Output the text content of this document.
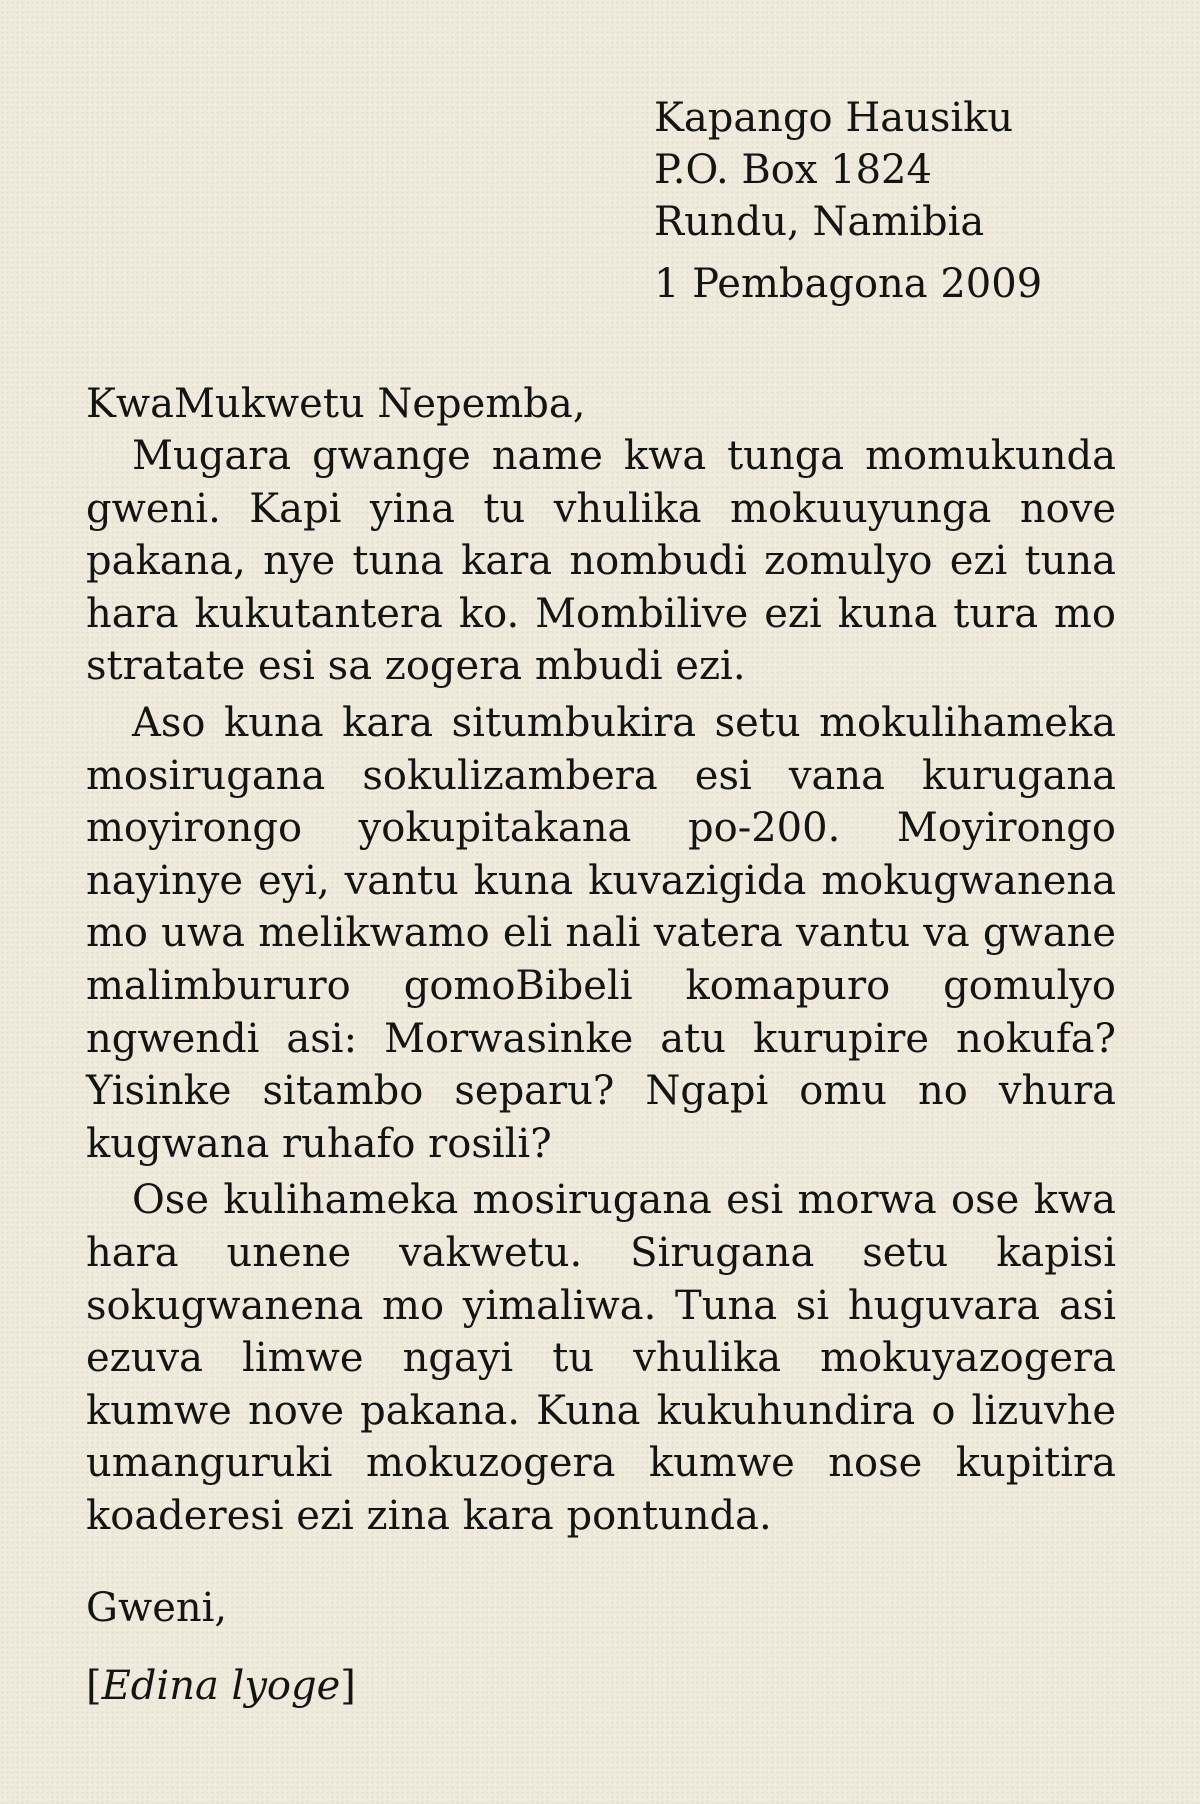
Kapango Hausiku
P.O. Box 1824
Rundu, Namibia
1 Pembagona 2009
KwaMukwetu Nepemba,

Mugara gwange name kwa tunga momukunda gweni. Kapi yina tu vhulika mokuuyunga nove pakana, nye tuna kara nombudi zomulyo ezi tuna hara kukutantera ko. Mombilive ezi kuna tura mo stratate esi sa zogera mbudi ezi.

Aso kuna kara situmbukira setu mokulihameka mosirugana sokulizambera esi vana kurugana moyirongo yokupitakana po-200. Moyirongo nayinye eyi, vantu kuna kuvazigida mokugwanena mo uwa melikwamo eli nali vatera vantu va gwane malimbururo gomoBibeli komapuro gomulyo ngwendi asi: Morwasinke atu kurupire nokufa? Yisinke sitambo separu? Ngapi omu no vhura kugwana ruhafo rosili?

Ose kulihameka mosirugana esi morwa ose kwa hara unene vakwetu. Sirugana setu kapisi sokugwanena mo yimaliwa. Tuna si huguvara asi ezuva limwe ngayi tu vhulika mokuyazogera kumwe nove pakana. Kuna kukuhundira o lizuvhe umanguruki mokuzogera kumwe nose kupitira koaderesi ezi zina kara pontunda.

Gweni,
[Edina lyoge]
